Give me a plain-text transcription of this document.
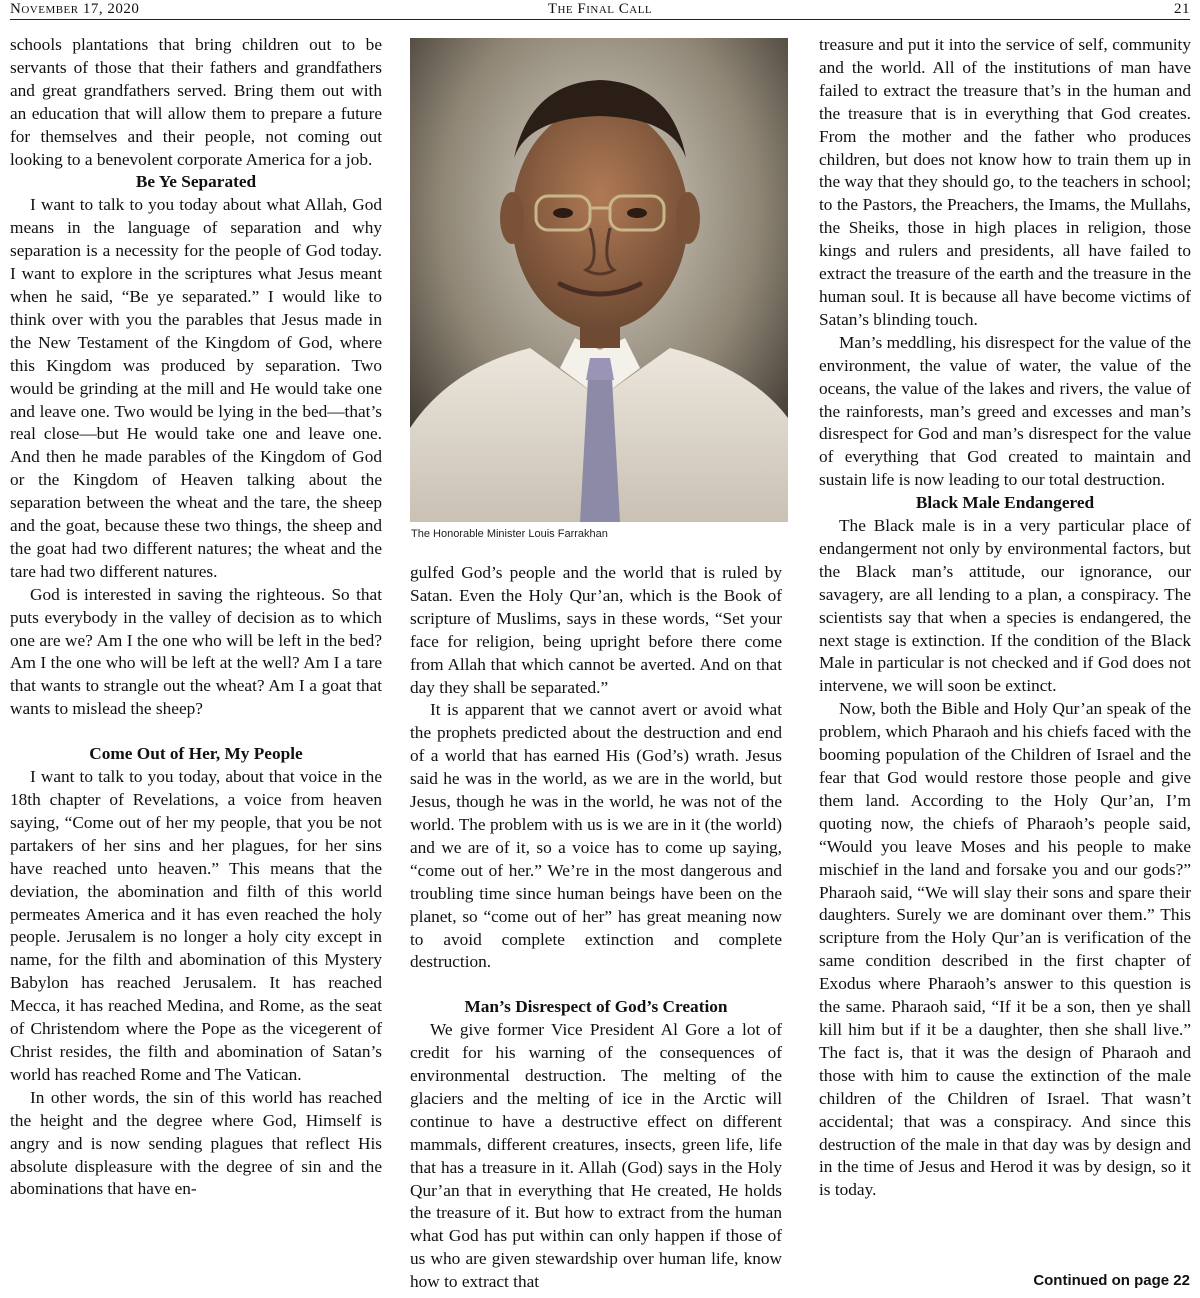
November 17, 2020	The Final Call	21

schools plantations that bring children out to be servants of those that their fathers and grandfathers and great grandfathers served. Bring them out with an education that will allow them to prepare a future for themselves and their people, not coming out looking to a benevolent corporate America for a job.

Be Ye Separated

I want to talk to you today about what Allah, God means in the language of separation and why separation is a necessity for the people of God today. I want to explore in the scriptures what Jesus meant when he said, “Be ye separated.” I would like to think over with you the parables that Jesus made in the New Testament of the Kingdom of God, where this Kingdom was produced by separation. Two would be grinding at the mill and He would take one and leave one. Two would be lying in the bed—that’s real close—but He would take one and leave one. And then he made parables of the Kingdom of God or the Kingdom of Heaven talking about the separation between the wheat and the tare, the sheep and the goat, because these two things, the sheep and the goat had two different natures; the wheat and the tare had two different natures.

God is interested in saving the righteous. So that puts everybody in the valley of decision as to which one are we? Am I the one who will be left in the bed? Am I the one who will be left at the well? Am I a tare that wants to strangle out the wheat? Am I a goat that wants to mislead the sheep?

Come Out of Her, My People

I want to talk to you today, about that voice in the 18th chapter of Revelations, a voice from heaven saying, “Come out of her my people, that you be not partakers of her sins and her plagues, for her sins have reached unto heaven.” This means that the deviation, the abomination and filth of this world permeates America and it has even reached the holy people. Jerusalem is no longer a holy city except in name, for the filth and abomination of this Mystery Babylon has reached Jerusalem. It has reached Mecca, it has reached Medina, and Rome, as the seat of Christendom where the Pope as the vicegerent of Christ resides, the filth and abomination of Satan’s world has reached Rome and The Vatican.

In other words, the sin of this world has reached the height and the degree where God, Himself is angry and is now sending plagues that reflect His absolute displeasure with the degree of sin and the abominations that have en-

The Honorable Minister Louis Farrakhan

gulfed God’s people and the world that is ruled by Satan. Even the Holy Qur’an, which is the Book of scripture of Muslims, says in these words, “Set your face for religion, being upright before there come from Allah that which cannot be averted. And on that day they shall be separated.”

It is apparent that we cannot avert or avoid what the prophets predicted about the destruction and end of a world that has earned His (God’s) wrath. Jesus said he was in the world, as we are in the world, but Jesus, though he was in the world, he was not of the world. The problem with us is we are in it (the world) and we are of it, so a voice has to come up saying, “come out of her.” We’re in the most dangerous and troubling time since human beings have been on the planet, so “come out of her” has great meaning now to avoid complete extinction and complete destruction.

Man’s Disrespect of God’s Creation

We give former Vice President Al Gore a lot of credit for his warning of the consequences of environmental destruction. The melting of the glaciers and the melting of ice in the Arctic will continue to have a destructive effect on different mammals, different creatures, insects, green life, life that has a treasure in it. Allah (God) says in the Holy Qur’an that in everything that He created, He holds the treasure of it. But how to extract from the human what God has put within can only happen if those of us who are given stewardship over human life, know how to extract that

treasure and put it into the service of self, community and the world. All of the institutions of man have failed to extract the treasure that’s in the human and the treasure that is in everything that God creates. From the mother and the father who produces children, but does not know how to train them up in the way that they should go, to the teachers in school; to the Pastors, the Preachers, the Imams, the Mullahs, the Sheiks, those in high places in religion, those kings and rulers and presidents, all have failed to extract the treasure of the earth and the treasure in the human soul. It is because all have become victims of Satan’s blinding touch.

Man’s meddling, his disrespect for the value of the environment, the value of water, the value of the oceans, the value of the lakes and rivers, the value of the rainforests, man’s greed and excesses and man’s disrespect for God and man’s disrespect for the value of everything that God created to maintain and sustain life is now leading to our total destruction.

Black Male Endangered

The Black male is in a very particular place of endangerment not only by environmental factors, but the Black man’s attitude, our ignorance, our savagery, are all lending to a plan, a conspiracy. The scientists say that when a species is endangered, the next stage is extinction. If the condition of the Black Male in particular is not checked and if God does not intervene, we will soon be extinct.

Now, both the Bible and Holy Qur’an speak of the problem, which Pharaoh and his chiefs faced with the booming population of the Children of Israel and the fear that God would restore those people and give them land. According to the Holy Qur’an, I’m quoting now, the chiefs of Pharaoh’s people said, “Would you leave Moses and his people to make mischief in the land and forsake you and our gods?” Pharaoh said, “We will slay their sons and spare their daughters. Surely we are dominant over them.” This scripture from the Holy Qur’an is verification of the same condition described in the first chapter of Exodus where Pharaoh’s answer to this question is the same. Pharaoh said, “If it be a son, then ye shall kill him but if it be a daughter, then she shall live.” The fact is, that it was the design of Pharaoh and those with him to cause the extinction of the male children of the Children of Israel. That wasn’t accidental; that was a conspiracy. And since this destruction of the male in that day was by design and in the time of Jesus and Herod it was by design, so it is today.

Continued on page 22
